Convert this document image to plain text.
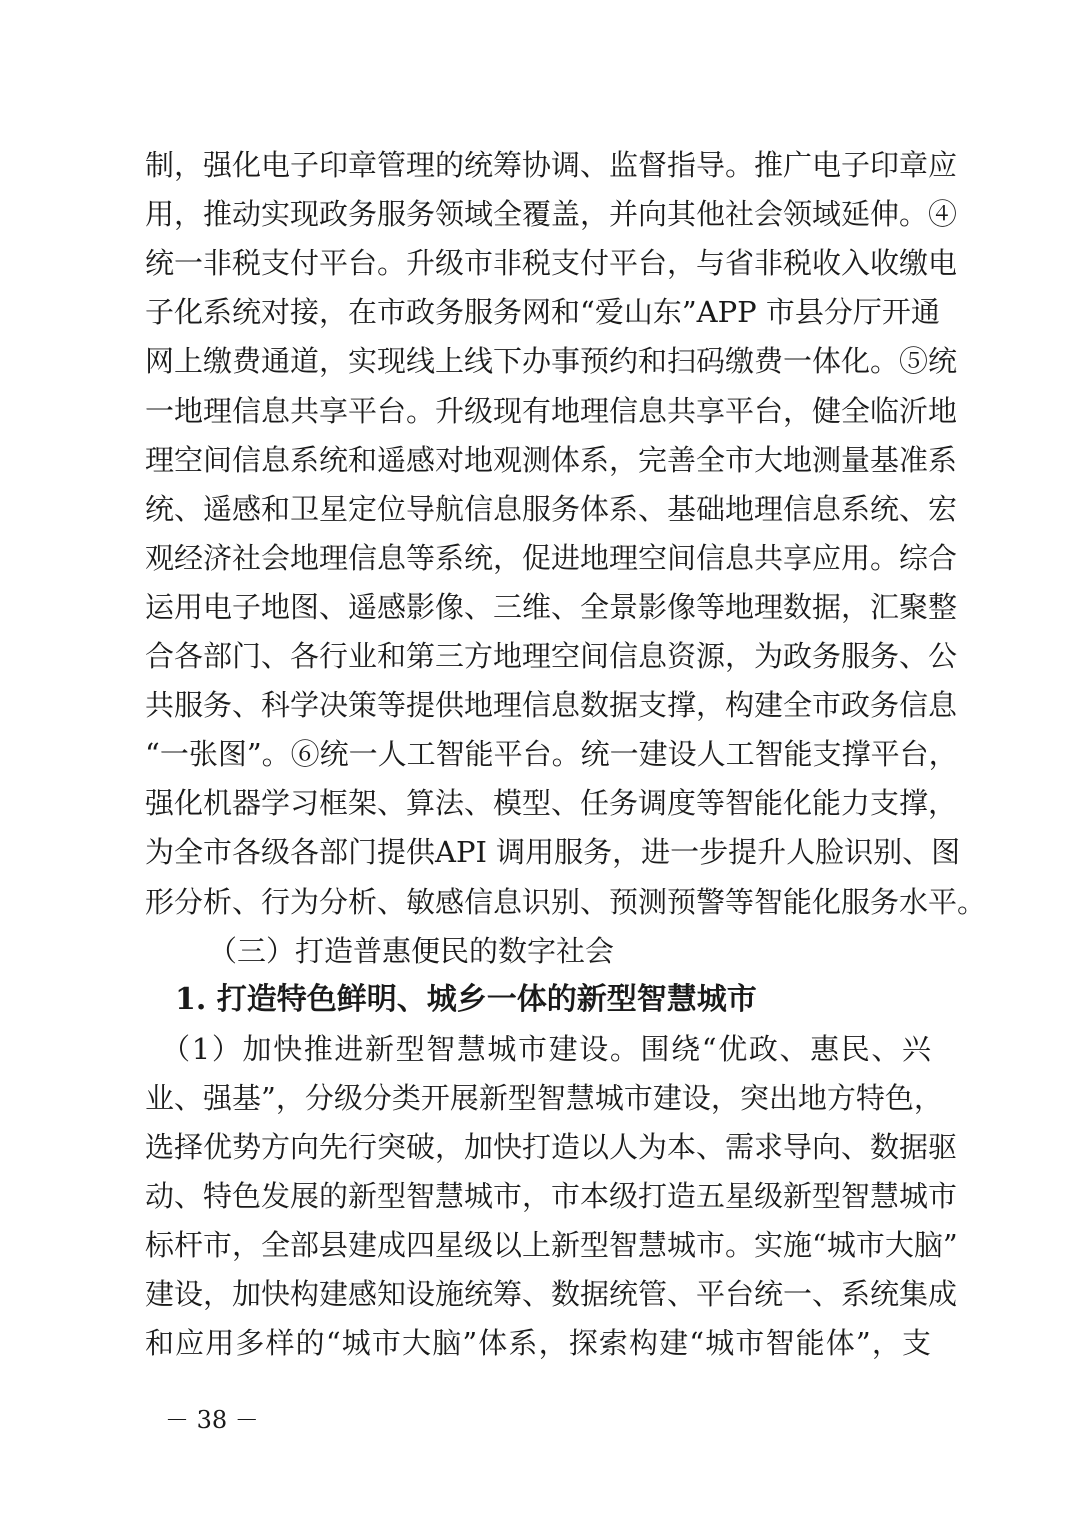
制，强化电子印章管理的统筹协调、监督指导。推广电子印章应
用，推动实现政务服务领域全覆盖，并向其他社会领域延伸。④
统一非税支付平台。升级市非税支付平台，与省非税收入收缴电
子化系统对接，在市政务服务网和“爱山东”APP 市县分厅开通
网上缴费通道，实现线上线下办事预约和扫码缴费一体化。⑤统
一地理信息共享平台。升级现有地理信息共享平台，健全临沂地
理空间信息系统和遥感对地观测体系，完善全市大地测量基准系
统、遥感和卫星定位导航信息服务体系、基础地理信息系统、宏
观经济社会地理信息等系统，促进地理空间信息共享应用。综合
运用电子地图、遥感影像、三维、全景影像等地理数据，汇聚整
合各部门、各行业和第三方地理空间信息资源，为政务服务、公
共服务、科学决策等提供地理信息数据支撑，构建全市政务信息
“一张图”。⑥统一人工智能平台。统一建设人工智能支撑平台，
强化机器学习框架、算法、模型、任务调度等智能化能力支撑，
为全市各级各部门提供API 调用服务，进一步提升人脸识别、图
形分析、行为分析、敏感信息识别、预测预警等智能化服务水平。
（三）打造普惠便民的数字社会
1. 打造特色鲜明、城乡一体的新型智慧城市
　（1）加快推进新型智慧城市建设。围绕“优政、惠民、兴
业、强基”，分级分类开展新型智慧城市建设，突出地方特色，
选择优势方向先行突破，加快打造以人为本、需求导向、数据驱
动、特色发展的新型智慧城市，市本级打造五星级新型智慧城市
标杆市，全部县建成四星级以上新型智慧城市。实施“城市大脑”
建设，加快构建感知设施统筹、数据统管、平台统一、系统集成
和应用多样的“城市大脑”体系，探索构建“城市智能体”，支
－ 38 －
